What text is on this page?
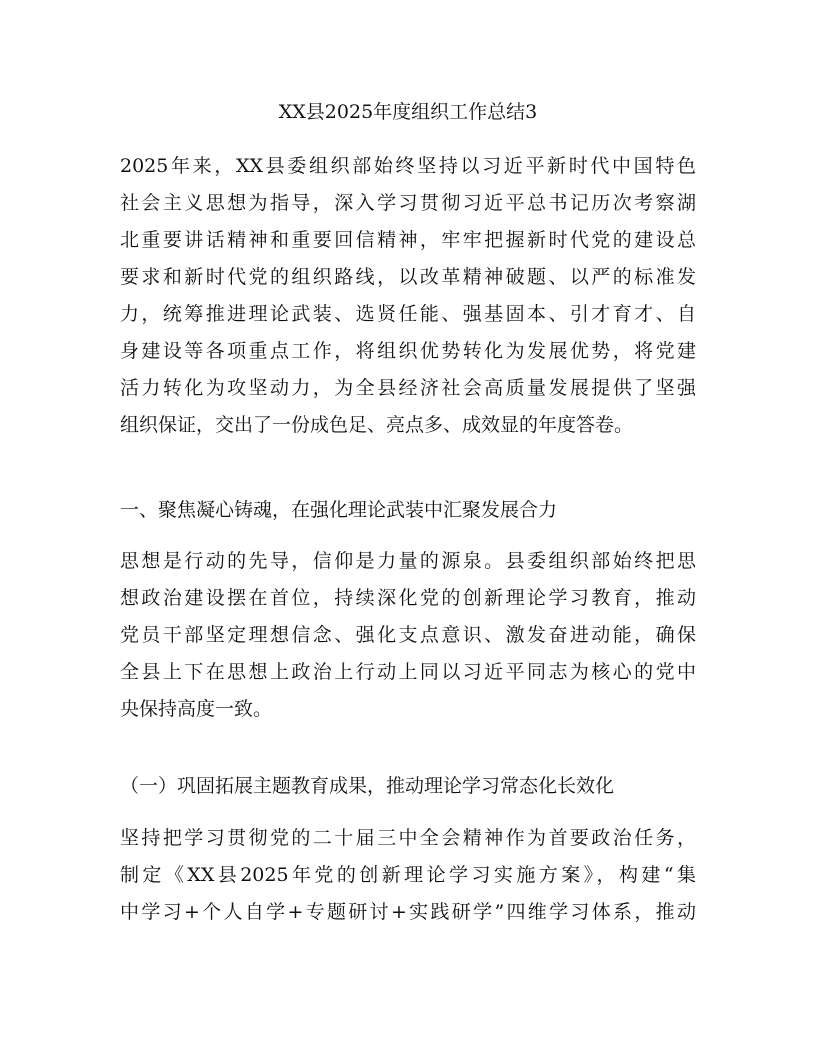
XX县2025年度组织工作总结3

2025年来，XX县委组织部始终坚持以习近平新时代中国特色
社会主义思想为指导，深入学习贯彻习近平总书记历次考察湖
北重要讲话精神和重要回信精神，牢牢把握新时代党的建设总
要求和新时代党的组织路线，以改革精神破题、以严的标准发
力，统筹推进理论武装、选贤任能、强基固本、引才育才、自
身建设等各项重点工作，将组织优势转化为发展优势，将党建
活力转化为攻坚动力，为全县经济社会高质量发展提供了坚强
组织保证，交出了一份成色足、亮点多、成效显的年度答卷。

一、聚焦凝心铸魂，在强化理论武装中汇聚发展合力

思想是行动的先导，信仰是力量的源泉。县委组织部始终把思
想政治建设摆在首位，持续深化党的创新理论学习教育，推动
党员干部坚定理想信念、强化支点意识、激发奋进动能，确保
全县上下在思想上政治上行动上同以习近平同志为核心的党中
央保持高度一致。

（一）巩固拓展主题教育成果，推动理论学习常态化长效化

坚持把学习贯彻党的二十届三中全会精神作为首要政治任务，
制定《XX县2025年党的创新理论学习实施方案》，构建“集
中学习+个人自学+专题研讨+实践研学”四维学习体系，推动
